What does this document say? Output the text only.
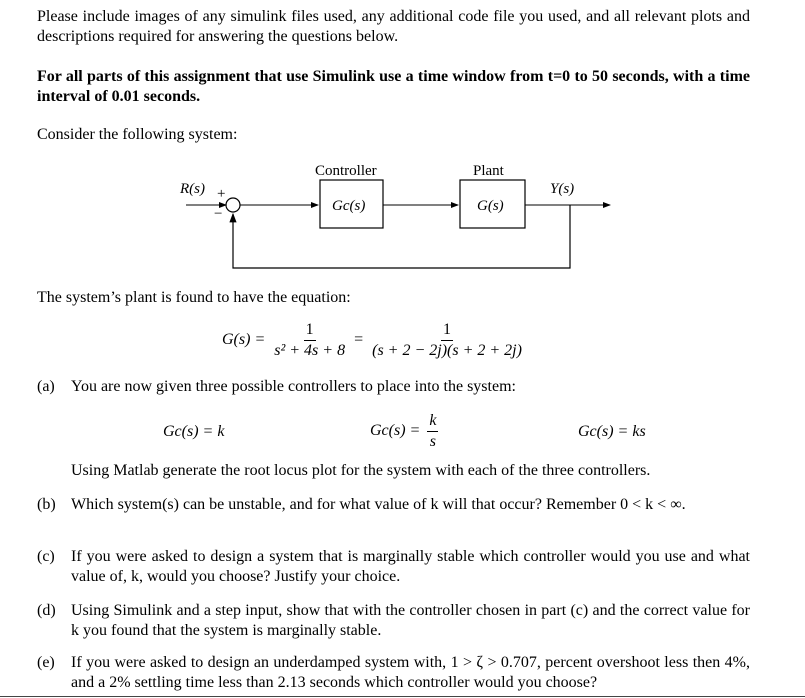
Please include images of any simulink files used, any additional code file you used, and all relevant plots and descriptions required for answering the questions below.
For all parts of this assignment that use Simulink use a time window from t=0 to 50 seconds, with a time interval of 0.01 seconds.
Consider the following system:
R(s) +
−
Controller
Gc(s)
Plant
G(s)
Y(s)
The system’s plant is found to have the equation:
$G(s) = \frac{1}{\text{s² + 4s + 8}} = \frac{1}{(s + 2 - 2j)(s + 2 + 2j)}$
(a) You are now given three possible controllers to place into the system:
Gc(s) = k	$Gc(s) = \frac{k}{s}$	Gc(s) = ks
Using Matlab generate the root locus plot for the system with each of the three controllers.
(b) Which system(s) can be unstable, and for what value of k will that occur? Remember 0 < k < ∞.
(c) If you were asked to design a system that is marginally stable which controller would you use and what value of, k, would you choose? Justify your choice.
(d) Using Simulink and a step input, show that with the controller chosen in part (c) and the correct value for k you found that the system is marginally stable.
(e) If you were asked to design an underdamped system with, 1 > ζ > 0.707, percent overshoot less then 4%, and a 2% settling time less than 2.13 seconds which controller would you choose?
